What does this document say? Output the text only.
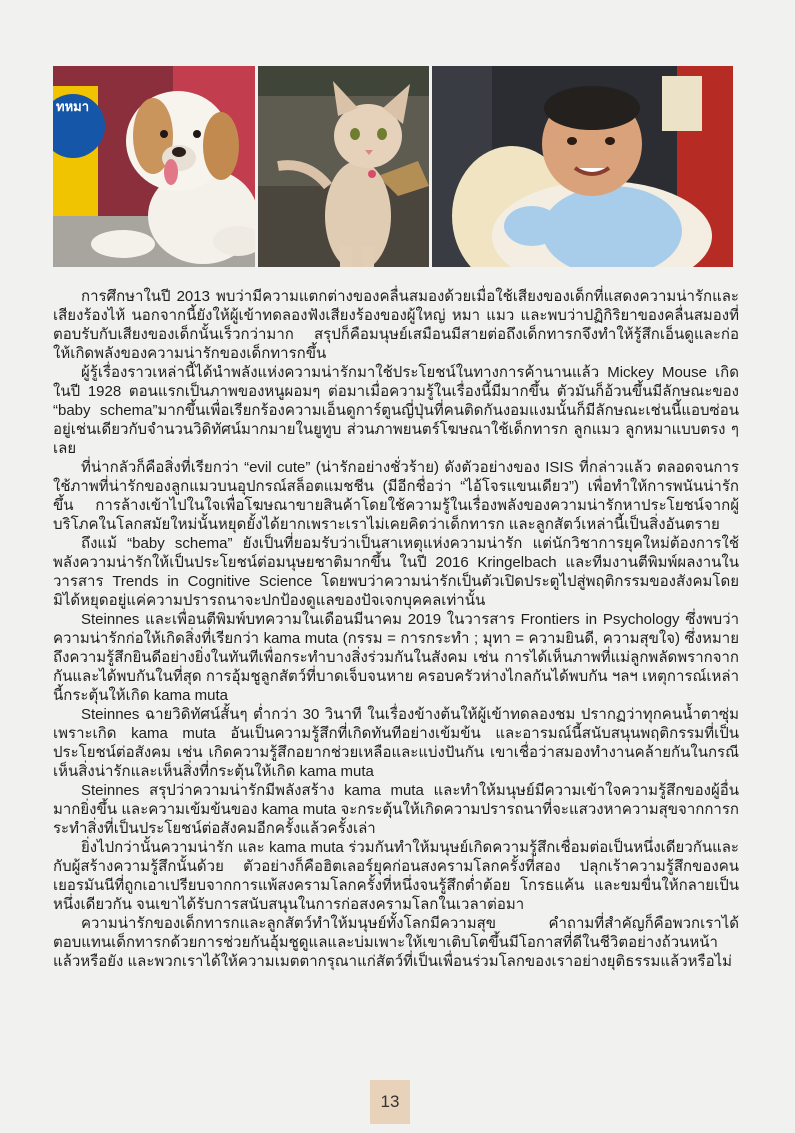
ทหมา

การศึกษาในปี 2013 พบว่ามีความแตกต่างของคลื่นสมองด้วยเมื่อใช้เสียงของเด็กที่แสดงความน่ารักและเสียงร้องไห้ นอกจากนี้ยังให้ผู้เข้าทดลองฟังเสียงร้องของผู้ใหญ่ หมา แมว และพบว่าปฏิกิริยาของคลื่นสมองที่ตอบรับกับเสียงของเด็กนั้นเร็วกว่ามาก สรุปก็คือมนุษย์เสมือนมีสายต่อถึงเด็กทารกจึงทำให้รู้สึกเอ็นดูและก่อให้เกิดพลังของความน่ารักของเด็กทารกขึ้น

ผู้รู้เรื่องราวเหล่านี้ได้นำพลังแห่งความน่ารักมาใช้ประโยชน์ในทางการค้านานแล้ว Mickey Mouse เกิดในปี 1928 ตอนแรกเป็นภาพของหนูผอมๆ ต่อมาเมื่อความรู้ในเรื่องนี้มีมากขึ้น ตัวมันก็อ้วนขึ้นมีลักษณะของ “baby schema”มากขึ้นเพื่อเรียกร้องความเอ็นดูการ์ตูนญี่ปุ่นที่คนติดกันงอมแงมนั้นก็มีลักษณะเช่นนี้แอบซ่อนอยู่เช่นเดียวกับจำนวนวิดิทัศน์มากมายในยูทูบ ส่วนภาพยนตร์โฆษณาใช้เด็กทารก ลูกแมว ลูกหมาแบบตรง ๆ เลย

ที่น่ากลัวก็คือสิ่งที่เรียกว่า “evil cute” (น่ารักอย่างชั่วร้าย) ดังตัวอย่างของ ISIS ที่กล่าวแล้ว ตลอดจนการใช้ภาพที่น่ารักของลูกแมวบนอุปกรณ์สล็อตแมชชีน (มีอีกชื่อว่า “ไอ้โจรแขนเดียว”) เพื่อทำให้การพนันน่ารักขึ้น การล้างเข้าไปในใจเพื่อโฆษณาขายสินค้าโดยใช้ความรู้ในเรื่องพลังของความน่ารักหาประโยชน์จากผู้บริโภคในโลกสมัยใหม่นั้นหยุดยั้งได้ยากเพราะเราไม่เคยคิดว่าเด็กทารก และลูกสัตว์เหล่านี้เป็นสิ่งอันตราย

ถึงแม้ “baby schema” ยังเป็นที่ยอมรับว่าเป็นสาเหตุแห่งความน่ารัก แต่นักวิชาการยุคใหม่ต้องการใช้พลังความน่ารักให้เป็นประโยชน์ต่อมนุษยชาติมากขึ้น ในปี 2016 Kringelbach และทีมงานตีพิมพ์ผลงานในวารสาร Trends in Cognitive Science โดยพบว่าความน่ารักเป็นตัวเปิดประตูไปสู่พฤติกรรมของสังคมโดยมิได้หยุดอยู่แค่ความปรารถนาจะปกป้องดูแลของปัจเจกบุคคลเท่านั้น

Steinnes และเพื่อนตีพิมพ์บทความในเดือนมีนาคม 2019 ในวารสาร Frontiers in Psychology ซึ่งพบว่าความน่ารักก่อให้เกิดสิ่งที่เรียกว่า kama muta (กรรม = การกระทำ ; มุทา = ความยินดี, ความสุขใจ) ซึ่งหมายถึงความรู้สึกยินดีอย่างยิ่งในทันทีเพื่อกระทำบางสิ่งร่วมกันในสังคม เช่น การได้เห็นภาพที่แม่ลูกพลัดพรากจากกันและได้พบกันในที่สุด การอุ้มชูลูกสัตว์ที่บาดเจ็บจนหาย ครอบครัวห่างไกลกันได้พบกัน ฯลฯ เหตุการณ์เหล่านี้กระตุ้นให้เกิด kama muta

Steinnes ฉายวิดิทัศน์สั้นๆ ต่ำกว่า 30 วินาที ในเรื่องข้างต้นให้ผู้เข้าทดลองชม ปรากฏว่าทุกคนน้ำตาซุ่มเพราะเกิด kama muta อันเป็นความรู้สึกที่เกิดทันทีอย่างเข้มข้น และอารมณ์นี้สนับสนุนพฤติกรรมที่เป็นประโยชน์ต่อสังคม เช่น เกิดความรู้สึกอยากช่วยเหลือและแบ่งปันกัน เขาเชื่อว่าสมองทำงานคล้ายกันในกรณีเห็นสิ่งน่ารักและเห็นสิ่งที่กระตุ้นให้เกิด kama muta

Steinnes สรุปว่าความน่ารักมีพลังสร้าง kama muta และทำให้มนุษย์มีความเข้าใจความรู้สึกของผู้อื่นมากยิ่งขึ้น และความเข้มข้นของ kama muta จะกระตุ้นให้เกิดความปรารถนาที่จะแสวงหาความสุขจากการกระทำสิ่งที่เป็นประโยชน์ต่อสังคมอีกครั้งแล้วครั้งเล่า

ยิ่งไปกว่านั้นความน่ารัก และ kama muta ร่วมกันทำให้มนุษย์เกิดความรู้สึกเชื่อมต่อเป็นหนึ่งเดียวกันและกับผู้สร้างความรู้สึกนั้นด้วย ตัวอย่างก็คือฮิตเลอร์ยุคก่อนสงครามโลกครั้งที่สอง ปลุกเร้าความรู้สึกของคนเยอรมันนีที่ถูกเอาเปรียบจากการแพ้สงครามโลกครั้งที่หนึ่งจนรู้สึกต่ำต้อย โกรธแค้น และขมขื่นให้กลายเป็นหนึ่งเดียวกัน จนเขาได้รับการสนับสนุนในการก่อสงครามโลกในเวลาต่อมา

ความน่ารักของเด็กทารกและลูกสัตว์ทำให้มนุษย์ทั้งโลกมีความสุข คำถามที่สำคัญก็คือพวกเราได้ตอบแทนเด็กทารกด้วยการช่วยกันอุ้มชูดูแลและบ่มเพาะให้เขาเติบโตขึ้นมีโอกาสที่ดีในชีวิตอย่างถ้วนหน้าแล้วหรือยัง และพวกเราได้ให้ความเมตตากรุณาแก่สัตว์ที่เป็นเพื่อนร่วมโลกของเราอย่างยุติธรรมแล้วหรือไม่

13
